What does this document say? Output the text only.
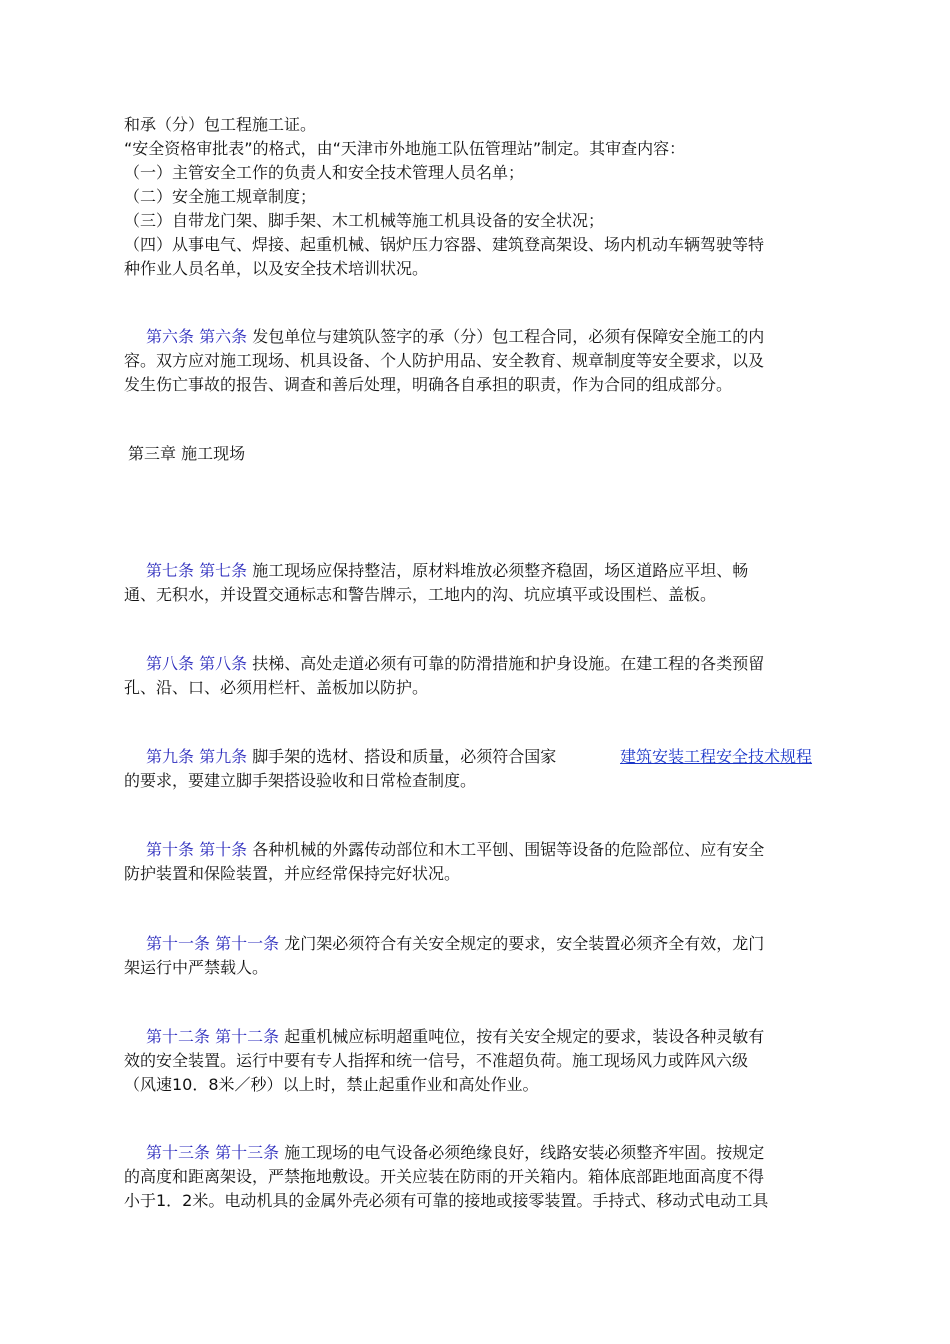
和承（分）包工程施工证。
“安全资格审批表”的格式，由“天津市外地施工队伍管理站”制定。其审查内容：
（一）主管安全工作的负责人和安全技术管理人员名单；
（二）安全施工规章制度；
（三）自带龙门架、脚手架、木工机械等施工机具设备的安全状况；
（四）从事电气、焊接、起重机械、锅炉压力容器、建筑登高架设、场内机动车辆驾驶等特
种作业人员名单，以及安全技术培训状况。
第六条 第六条 发包单位与建筑队签字的承（分）包工程合同，必须有保障安全施工的内
容。双方应对施工现场、机具设备、个人防护用品、安全教育、规章制度等安全要求，以及
发生伤亡事故的报告、调查和善后处理，明确各自承担的职责，作为合同的组成部分。
第三章 施工现场
第七条 第七条 施工现场应保持整洁，原材料堆放必须整齐稳固，场区道路应平坦、畅
通、无积水，并设置交通标志和警告牌示，工地内的沟、坑应填平或设围栏、盖板。
第八条 第八条 扶梯、高处走道必须有可靠的防滑措施和护身设施。在建工程的各类预留
孔、沿、口、必须用栏杆、盖板加以防护。
第九条 第九条 脚手架的选材、搭设和质量，必须符合国家	建筑安装工程安全技术规程
的要求，要建立脚手架搭设验收和日常检查制度。
第十条 第十条 各种机械的外露传动部位和木工平刨、围锯等设备的危险部位、应有安全
防护装置和保险装置，并应经常保持完好状况。
第十一条 第十一条 龙门架必须符合有关安全规定的要求，安全装置必须齐全有效，龙门
架运行中严禁载人。
第十二条 第十二条 起重机械应标明超重吨位，按有关安全规定的要求，装设各种灵敏有
效的安全装置。运行中要有专人指挥和统一信号，不准超负荷。施工现场风力或阵风六级
（风速10．8米／秒）以上时，禁止起重作业和高处作业。
第十三条 第十三条 施工现场的电气设备必须绝缘良好，线路安装必须整齐牢固。按规定
的高度和距离架设，严禁拖地敷设。开关应装在防雨的开关箱内。箱体底部距地面高度不得
小于1．2米。电动机具的金属外壳必须有可靠的接地或接零装置。手持式、移动式电动工具
